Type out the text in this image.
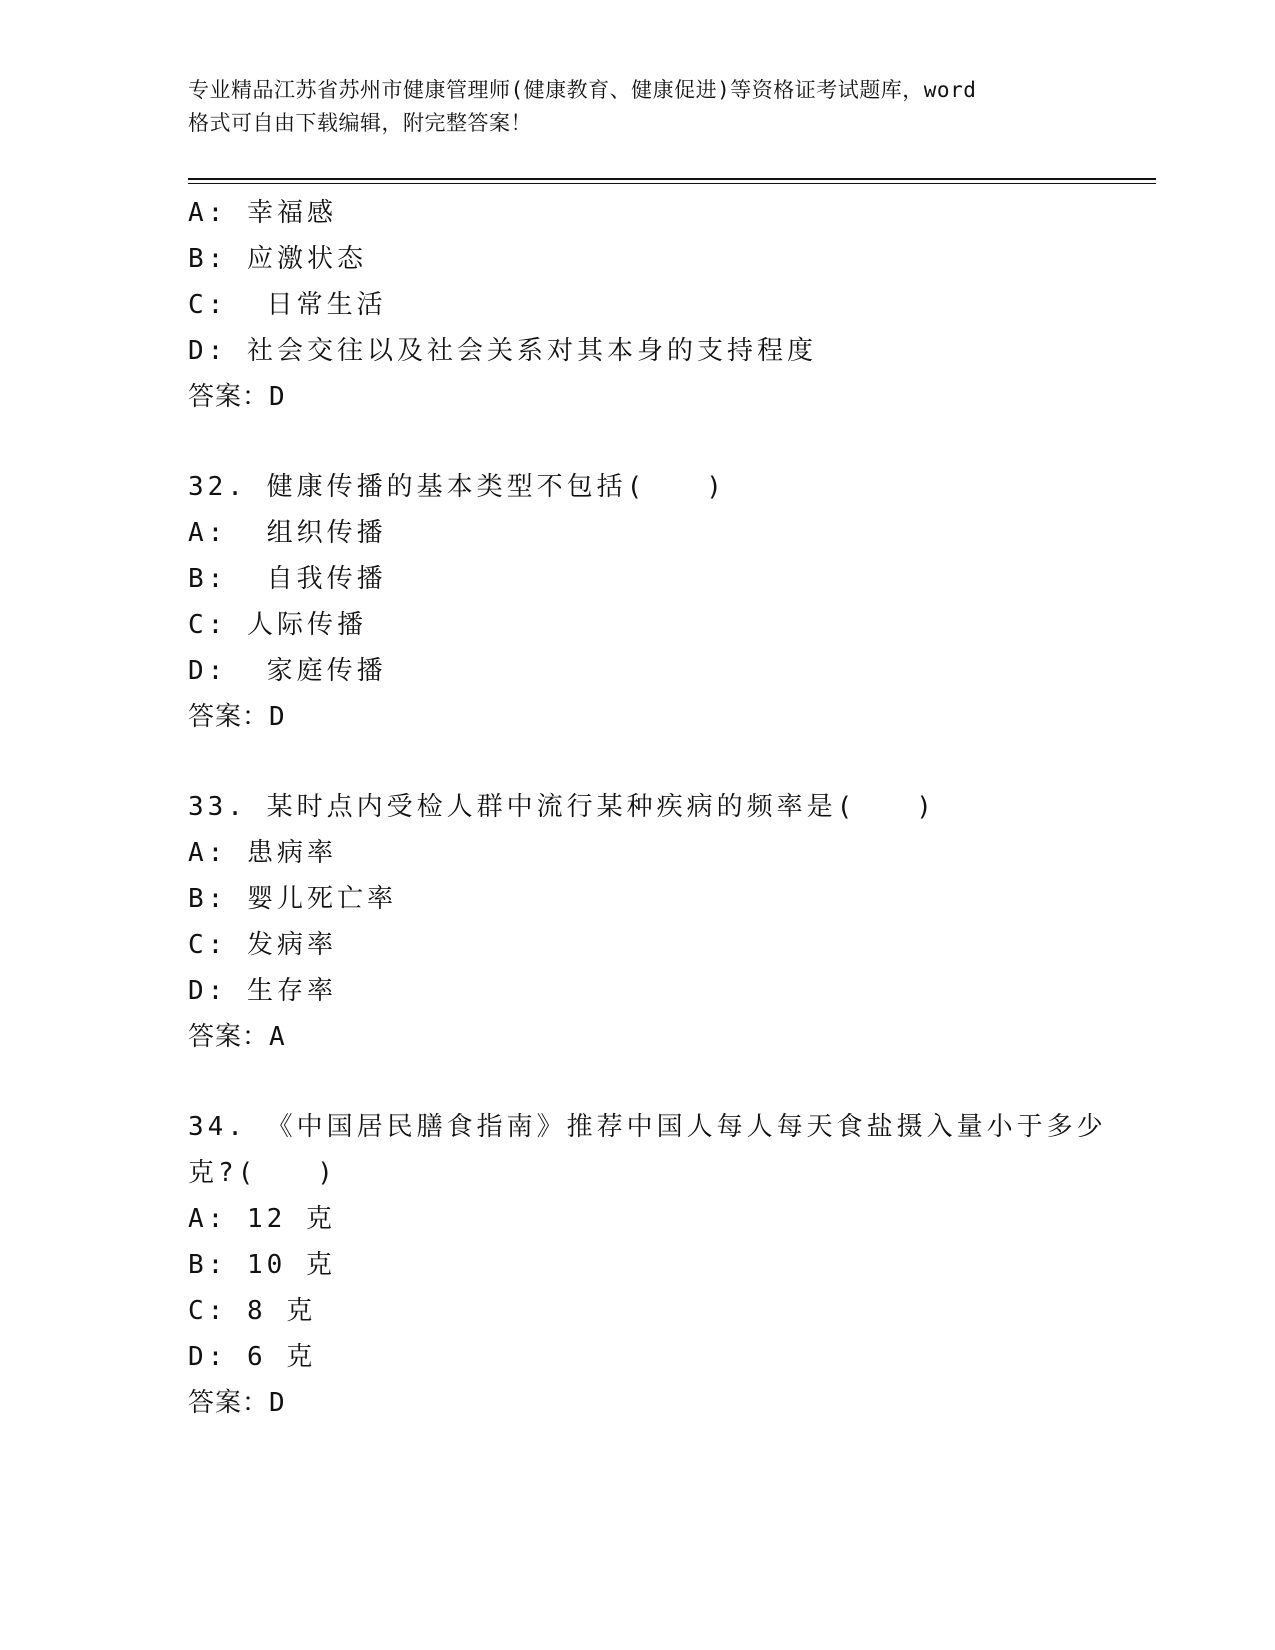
专业精品江苏省苏州市健康管理师(健康教育、健康促进)等资格证考试题库，word
格式可自由下载编辑，附完整答案！
A: 幸福感
B: 应激状态
C:  日常生活
D: 社会交往以及社会关系对其本身的支持程度
答案：D
32. 健康传播的基本类型不包括(　　)
A:  组织传播
B:  自我传播
C: 人际传播
D:  家庭传播
答案：D
33. 某时点内受检人群中流行某种疾病的频率是(　　)
A: 患病率
B: 婴儿死亡率
C: 发病率
D: 生存率
答案：A
34. 《中国居民膳食指南》推荐中国人每人每天食盐摄入量小于多少
克?(　　)
A: 12 克
B: 10 克
C: 8 克
D: 6 克
答案：D
